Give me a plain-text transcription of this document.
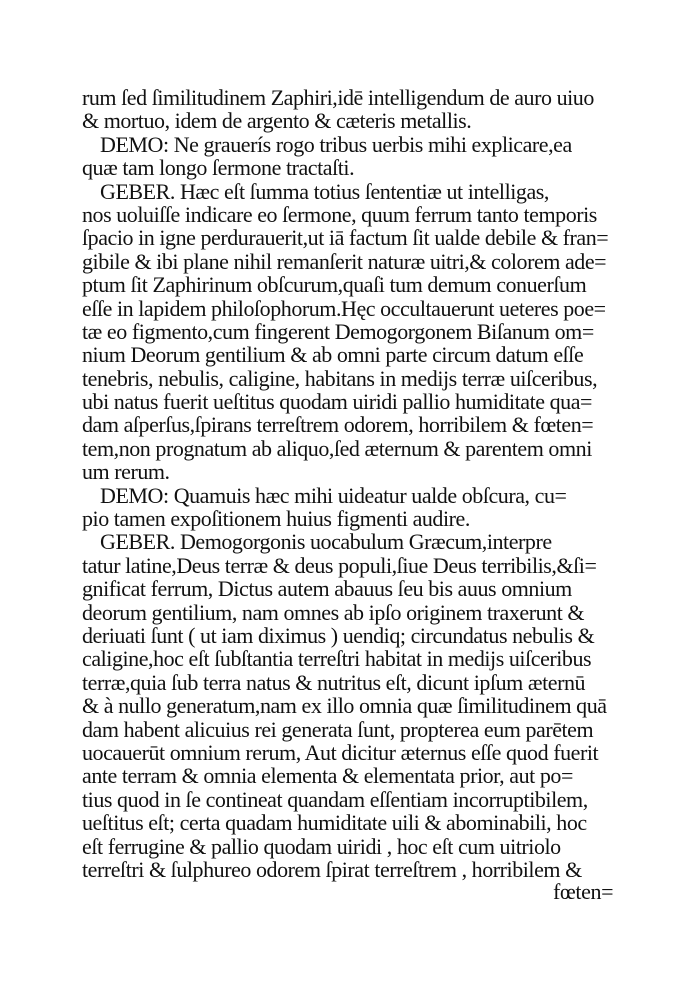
rum ſed ſimilitudinem Zaphiri,idē intelligendum de auro uiuo
& mortuo, idem de argento & cæteris metallis.
DEMO: Ne grauerís rogo tribus uerbis mihi explicare,ea
quæ tam longo ſermone tractaſti.
GEBER. Hæc eſt ſumma totius ſententiæ ut intelligas,
nos uoluiſſe indicare eo ſermone, quum ferrum tanto temporis
ſpacio in igne perdurauerit,ut iā factum ſit ualde debile & fran=
gibile & ibi plane nihil remanſerit naturæ uitri,& colorem ade=
ptum ſit Zaphirinum obſcurum,quaſi tum demum conuerſum
eſſe in lapidem philoſophorum.Hęc occultauerunt ueteres poe=
tæ eo figmento,cum fingerent Demogorgonem Biſanum om=
nium Deorum gentilium & ab omni parte circum datum eſſe
tenebris, nebulis, caligine, habitans in medijs terræ uiſceribus,
ubi natus fuerit ueſtitus quodam uiridi pallio humiditate qua=
dam aſperſus,ſpirans terreſtrem odorem, horribilem & fœten=
tem,non prognatum ab aliquo,ſed æternum & parentem omni
um rerum.
DEMO: Quamuis hæc mihi uideatur ualde obſcura, cu=
pio tamen expoſitionem huius figmenti audire.
GEBER. Demogorgonis uocabulum Græcum,interpre
tatur latine,Deus terræ & deus populi,ſiue Deus terribilis,&ſi=
gnificat ferrum, Dictus autem abauus ſeu bis auus omnium
deorum gentilium, nam omnes ab ipſo originem traxerunt &
deriuati ſunt ( ut iam diximus ) uendiq; circundatus nebulis &
caligine,hoc eſt ſubſtantia terreſtri habitat in medijs uiſceribus
terræ,quia ſub terra natus & nutritus eſt, dicunt ipſum æternū
& à nullo generatum,nam ex illo omnia quæ ſimilitudinem quā
dam habent alicuius rei generata ſunt, propterea eum parētem
uocauerūt omnium rerum, Aut dicitur æternus eſſe quod fuerit
ante terram & omnia elementa & elementata prior, aut po=
tius quod in ſe contineat quandam eſſentiam incorruptibilem,
ueſtitus eſt; certa quadam humiditate uili & abominabili, hoc
eſt ferrugine & pallio quodam uiridi , hoc eſt cum uitriolo
terreſtri & ſulphureo odorem ſpirat terreſtrem , horribilem &
fœten=
